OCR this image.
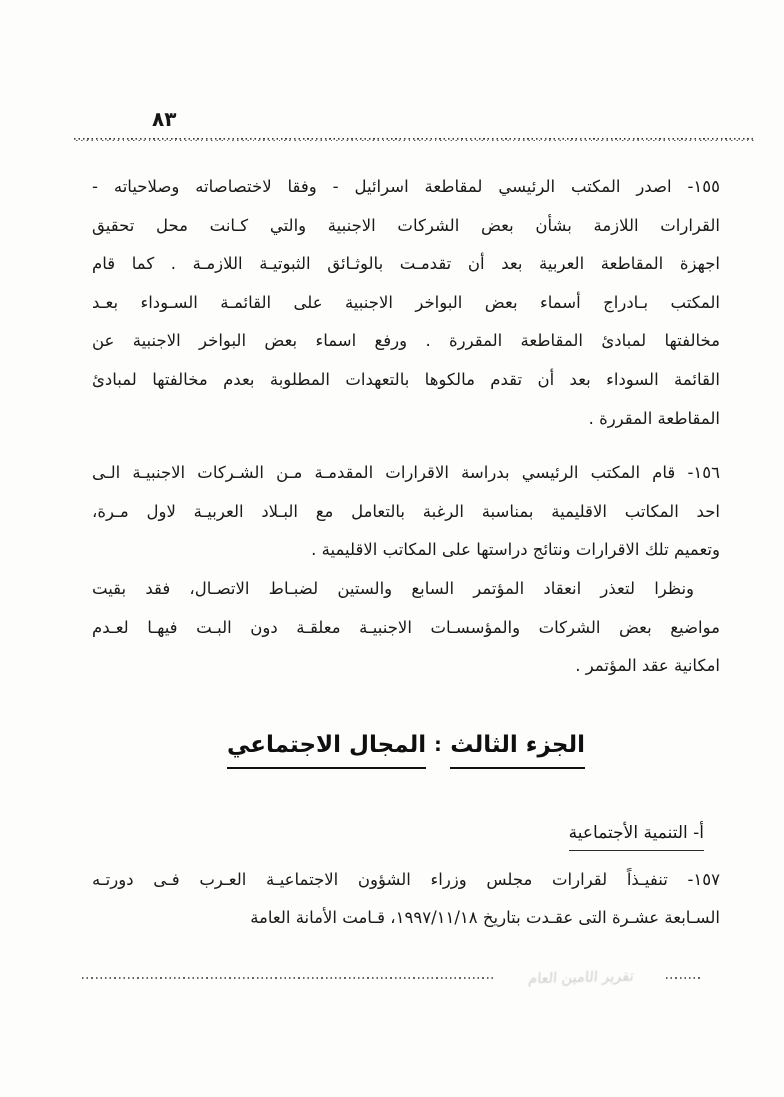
٨٣
١٥٥- اصدر المكتب الرئيسي لمقاطعة اسرائيل - وفقا لاختصاصاته وصلاحياته -
القرارات اللازمة بشأن بعض الشركات الاجنبية والتي كـانت محل تحقيق
اجهزة المقاطعة العربية بعد أن تقدمـت بالوثـائق الثبوتيـة اللازمـة . كما قام
المكتب بـادراج أسماء بعض البواخر الاجنبية على القائمـة السـوداء بعـد
مخالفتها لمبادئ المقاطعة المقررة . ورفع اسماء بعض البواخر الاجنبية عن
القائمة السوداء بعد أن تقدم مالكوها بالتعهدات المطلوبة بعدم مخالفتها لمبادئ
المقاطعة المقررة .
١٥٦- قام المكتب الرئيسي بدراسة الاقرارات المقدمـة مـن الشـركات الاجنبيـة الـى
احد المكاتب الاقليمية بمناسبة الرغبة بالتعامل مع البـلاد العربيـة لاول مـرة،
وتعميم تلك الاقرارات ونتائج دراستها على المكاتب الاقليمية .
ونظرا لتعذر انعقاد المؤتمر السابع والستين لضبـاط الاتصـال، فقد بقيت
مواضيع بعض الشركات والمؤسسـات الاجنبيـة معلقـة دون البـت فيهـا لعـدم
امكانية عقد المؤتمر .
الجزء الثالث:المجال الاجتماعي
أ- التنمية الأجتماعية
١٥٧- تنفيـذاً لقرارات مجلس وزراء الشؤون الاجتماعيـة العـرب فـى دورتـه
السـابعة عشـرة التى عقـدت بتاريخ ١٩٩٧/١١/١٨، قـامت الأمانة العامة
تقرير الأمين العام
